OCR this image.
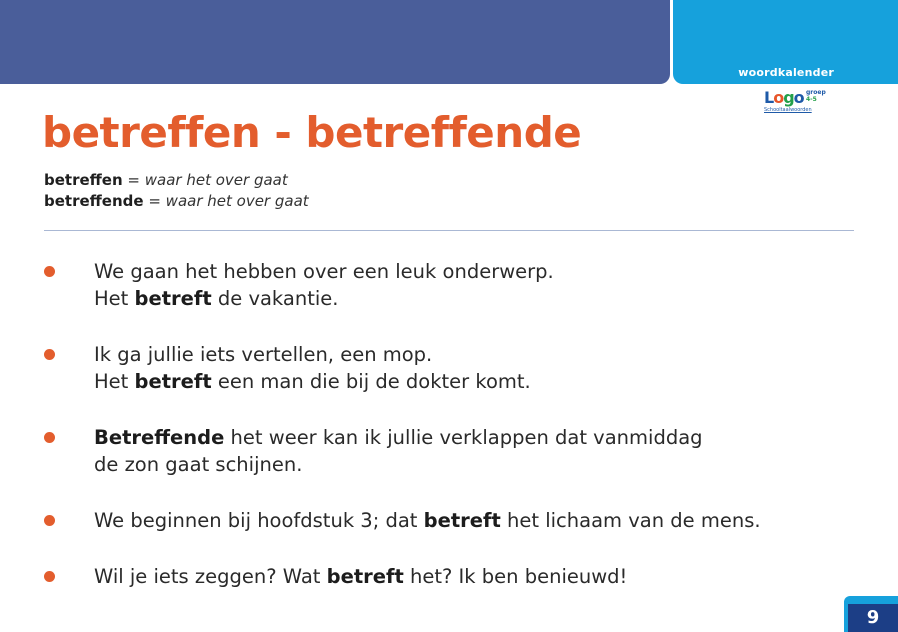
woordkalender
Logo groep
4-5
Schooltaalwoorden
betreffen - betreffende
betreffen = waar het over gaat
betreffende = waar het over gaat
We gaan het hebben over een leuk onderwerp.
Het betreft de vakantie.
Ik ga jullie iets vertellen, een mop.
Het betreft een man die bij de dokter komt.
Betreffende het weer kan ik jullie verklappen dat vanmiddag
de zon gaat schijnen.
We beginnen bij hoofdstuk 3; dat betreft het lichaam van de mens.
Wil je iets zeggen? Wat betreft het? Ik ben benieuwd!
9
